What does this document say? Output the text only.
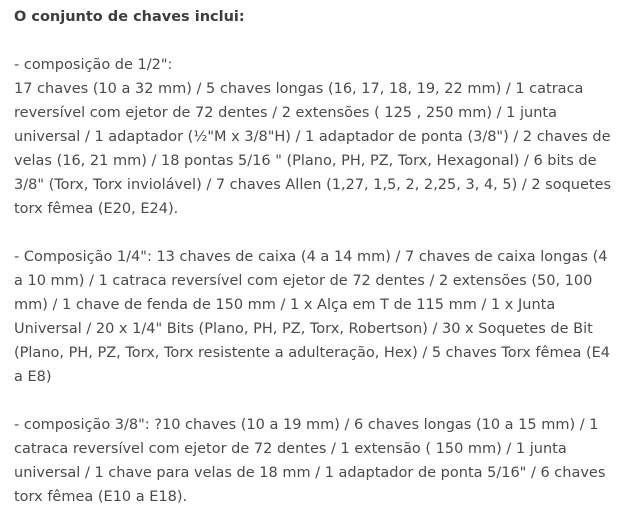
O conjunto de chaves inclui:

- composição de 1/2":

17 chaves (10 a 32 mm) / 5 chaves longas (16, 17, 18, 19, 22 mm) / 1 catraca reversível com ejetor de 72 dentes / 2 extensões ( 125 , 250 mm) / 1 junta universal / 1 adaptador (½"M x 3/8"H) / 1 adaptador de ponta (3/8") / 2 chaves de velas (16, 21 mm) / 18 pontas 5/16 " (Plano, PH, PZ, Torx, Hexagonal) / 6 bits de 3/8" (Torx, Torx inviolável) / 7 chaves Allen (1,27, 1,5, 2, 2,25, 3, 4, 5) / 2 soquetes torx fêmea (E20, E24).

- Composição 1/4": 13 chaves de caixa (4 a 14 mm) / 7 chaves de caixa longas (4 a 10 mm) / 1 catraca reversível com ejetor de 72 dentes / 2 extensões (50, 100 mm) / 1 chave de fenda de 150 mm / 1 x Alça em T de 115 mm / 1 x Junta Universal / 20 x 1/4" Bits (Plano, PH, PZ, Torx, Robertson) / 30 x Soquetes de Bit (Plano, PH, PZ, Torx, Torx resistente a adulteração, Hex) / 5 chaves Torx fêmea (E4 a E8)

- composição 3/8": ?10 chaves (10 a 19 mm) / 6 chaves longas (10 a 15 mm) / 1 catraca reversível com ejetor de 72 dentes / 1 extensão ( 150 mm) / 1 junta universal / 1 chave para velas de 18 mm / 1 adaptador de ponta 5/16" / 6 chaves torx fêmea (E10 a E18).
